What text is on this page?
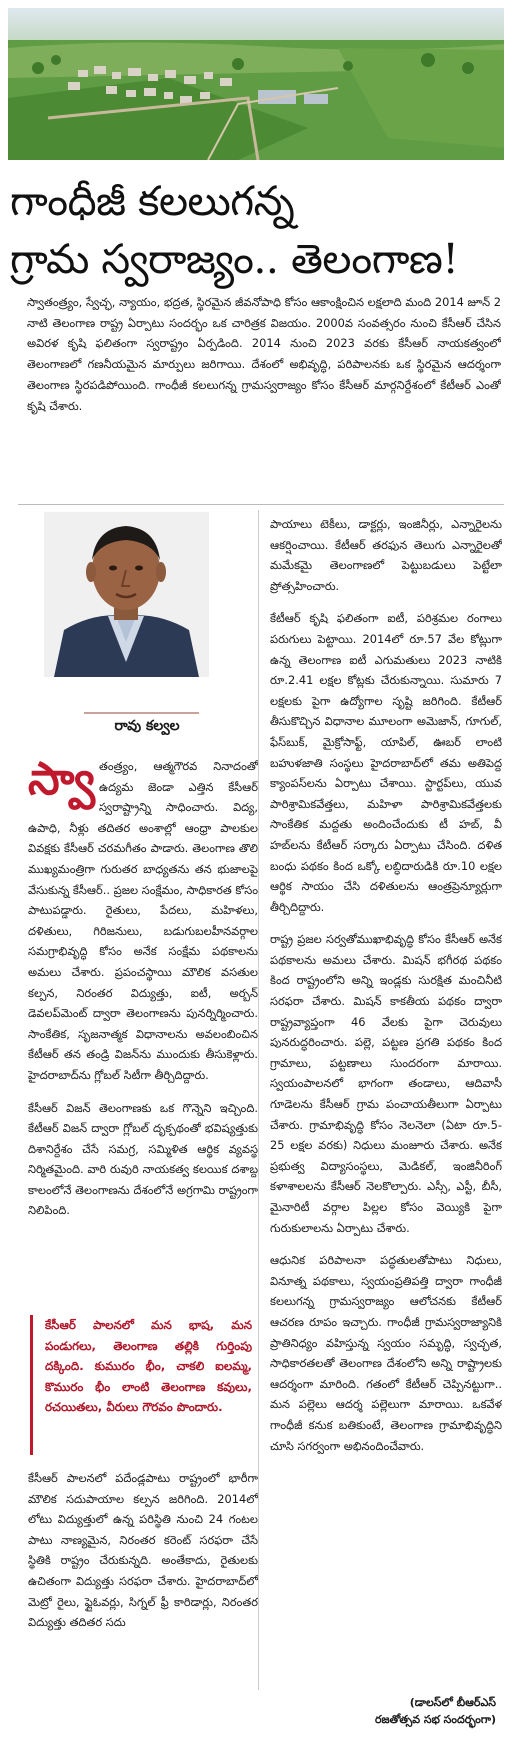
గాంధీజీ కలలుగన్న
గ్రామ స్వరాజ్యం.. తెలంగాణ!
స్వాతంత్ర్యం, స్వేచ్ఛ, న్యాయం, భద్రత, స్థిరమైన జీవనోపాధి కోసం ఆకాంక్షించిన లక్షలాది మంది 2014 జూన్ 2 నాటి తెలంగాణ రాష్ట్ర ఏర్పాటు సందర్భం ఒక చారిత్రక విజయం. 2000వ సంవత్సరం నుంచి కేసీఆర్ చేసిన అవిరళ కృషి ఫలితంగా స్వరాష్ట్రం ఏర్పడింది. 2014 నుంచి 2023 వరకు కేసీఆర్ నాయకత్వంలో తెలంగాణలో గణనీయమైన మార్పులు జరిగాయి. దేశంలో అభివృద్ధి, పరిపాలనకు ఒక స్థిరమైన ఆదర్శంగా తెలంగాణ స్థిరపడిపోయింది. గాంధీజీ కలలుగన్న గ్రామస్వరాజ్యం కోసం కేసీఆర్ మార్గనిర్దేశంలో కేటీఆర్ ఎంతో కృషి చేశారు.
రావు కల్వల

స్వా తంత్ర్యం, ఆత్మగౌరవ నినాదంతో ఉద్యమ జెండా ఎత్తిన కేసీఆర్ స్వరాష్ట్రాన్ని సాధించారు. విద్య, ఉపాధి, నీళ్లు తదితర అంశాల్లో ఆంధ్రా పాలకుల వివక్షకు కేసీఆర్ చరమగీతం పాడారు. తెలంగాణ తొలి ముఖ్యమంత్రిగా గురుతర బాధ్యతను తన భుజాలపై వేసుకున్న కేసీఆర్.. ప్రజల సంక్షేమం, సాధికారత కోసం పాటుపడ్డారు. రైతులు, పేదలు, మహిళలు, దళితులు, గిరిజనులు, బడుగుబలహీనవర్గాల సమగ్రాభివృద్ధి కోసం అనేక సంక్షేమ పథకాలను అమలు చేశారు. ప్రపంచస్థాయి మౌలిక వసతుల కల్పన, నిరంతర విద్యుత్తు, ఐటీ, అర్బన్ డెవలప్‌మెంట్ ద్వారా తెలంగాణను పునర్నిర్మించారు. సాంకేతిక, సృజనాత్మక విధానాలను అవలంబించిన కేటీఆర్ తన తండ్రి విజన్‌ను ముందుకు తీసుకెళ్లారు. హైదరాబాద్‌ను గ్లోబల్ సిటీగా తీర్చిదిద్దారు.

కేసీఆర్ విజన్ తెలంగాణకు ఒక గొన్నెని ఇచ్చింది. కేటీఆర్ విజన్ ద్వారా గ్లోబల్ దృక్పథంతో భవిష్యత్తుకు దిశానిర్దేశం చేసే సమగ్ర, సమ్మిళిత ఆర్థిక వ్యవస్థ నిర్మితమైంది. వారి రువురి నాయకత్వ కలయిక దశాబ్ద కాలంలోనే తెలంగాణను దేశంలోనే అగ్రగామి రాష్ట్రంగా నిలిపింది.

కేసీఆర్ పాలనలో మన భాష, మన పండుగలు, తెలంగాణ తల్లికి గుర్తింపు దక్కింది. కుమురం భీం, చాకలి ఐలమ్మ, కొమురం భీం లాంటి తెలంగాణ కవులు, రచయితలు, వీరులు గౌరవం పొందారు.

కేసీఆర్ పాలనలో పదేండ్లపాటు రాష్ట్రంలో భారీగా మౌలిక సదుపాయాల కల్పన జరిగింది. 2014లో లోటు విద్యుత్తులో ఉన్న పరిస్థితి నుంచి 24 గంటల పాటు నాణ్యమైన, నిరంతర కరెంట్ సరఫరా చేసే స్థితికి రాష్ట్రం చేరుకున్నది. అంతేకాదు, రైతులకు ఉచితంగా విద్యుత్తు సరఫరా చేశారు. హైదరాబాద్‌లో మెట్రో రైలు, ఫ్లైఓవర్లు, సిగ్నల్ ఫ్రీ కారిడార్లు, నిరంతర విద్యుత్తు తదితర సదు

పాయాలు టెకీలు, డాక్టర్లు, ఇంజినీర్లు, ఎన్నారైలను ఆకర్షించాయి. కేటీఆర్ తరఫున తెలుగు ఎన్నారైలతో మమేకమై తెలంగాణలో పెట్టుబడులు పెట్టేలా ప్రోత్సహించారు.

కేటీఆర్ కృషి ఫలితంగా ఐటీ, పరిశ్రమల రంగాలు పరుగులు పెట్టాయి. 2014లో రూ.57 వేల కోట్లుగా ఉన్న తెలంగాణ ఐటీ ఎగుమతులు 2023 నాటికి రూ.2.41 లక్షల కోట్లకు చేరుకున్నాయి. సుమారు 7 లక్షలకు పైగా ఉద్యోగాల సృష్టి జరిగింది. కేటీఆర్ తీసుకొచ్చిన విధానాల మూలంగా అమెజాన్, గూగుల్, ఫేస్‌బుక్, మైక్రోసాఫ్ట్, యాపిల్, ఊబర్ లాంటి బహుళజాతి సంస్థలు హైదరాబాద్‌లో తమ అతిపెద్ద క్యాంపస్‌లను ఏర్పాటు చేశాయి. స్టార్టప్‌లు, యువ పారిశ్రామికవేత్తలు, మహిళా పారిశ్రామికవేత్తలకు సాంకేతిక మద్దతు అందించేందుకు టీ హబ్, వీ హబ్‌లను కేటీఆర్ సర్కారు ఏర్పాటు చేసింది. దళిత బంధు పథకం కింద ఒక్కో లబ్ధిదారుడికి రూ.10 లక్షల ఆర్థిక సాయం చేసి దళితులను ఆంత్రప్రెన్యూర్లుగా తీర్చిదిద్దారు.

రాష్ట్ర ప్రజల సర్వతోముఖాభివృద్ధి కోసం కేసీఆర్ అనేక పథకాలను అమలు చేశారు. మిషన్ భగీరథ పథకం కింద రాష్ట్రంలోని అన్ని ఇండ్లకు సురక్షిత మంచినీటి సరఫరా చేశారు. మిషన్ కాకతీయ పథకం ద్వారా రాష్ట్రవ్యాప్తంగా 46 వేలకు పైగా చెరువులు పునరుద్ధరించారు. పల్లె, పట్టణ ప్రగతి పథకం కింద గ్రామాలు, పట్టణాలు సుందరంగా మారాయి. స్వయంపాలనలో భాగంగా తండాలు, ఆదివాసీ గూడెలను కేసీఆర్ గ్రామ పంచాయతీలుగా ఏర్పాటు చేశారు. గ్రామాభివృద్ధి కోసం నెలనెలా (ఏటా రూ.5-25 లక్షల వరకు) నిధులు మంజూరు చేశారు. అనేక ప్రభుత్వ విద్యాసంస్థలు, మెడికల్, ఇంజినీరింగ్ కళాశాలలను కేసీఆర్ నెలకొల్పారు. ఎస్సీ, ఎస్టీ, బీసీ, మైనారిటీ వర్గాల పిల్లల కోసం వెయ్యికి పైగా గురుకులాలను ఏర్పాటు చేశారు.

ఆధునిక పరిపాలనా పద్ధతులతోపాటు నిధులు, వినూత్న పథకాలు, స్వయంప్రతిపత్తి ద్వారా గాంధీజీ కలలుగన్న గ్రామస్వరాజ్యం ఆలోచనకు కేటీఆర్ ఆచరణ రూపం ఇచ్చారు. గాంధీజీ గ్రామస్వరాజ్యానికి ప్రాతినిధ్యం వహిస్తున్న స్వయం సమృద్ధి, స్వచ్ఛత, సాధికారతలతో తెలంగాణ దేశంలోని అన్ని రాష్ట్రాలకు ఆదర్శంగా మారింది. గతంలో కేటీఆర్ చెప్పినట్టుగా.. మన పల్లెలు ఆదర్శ పల్లెలుగా మారాయి. ఒకవేళ గాంధీజీ కనుక బతికుంటే, తెలంగాణ గ్రామాభివృద్ధిని చూసి సగర్వంగా అభినందించేవారు.

(డాలస్‌లో బీఆర్ఎస్
రజతోత్సవ సభ సందర్భంగా)
